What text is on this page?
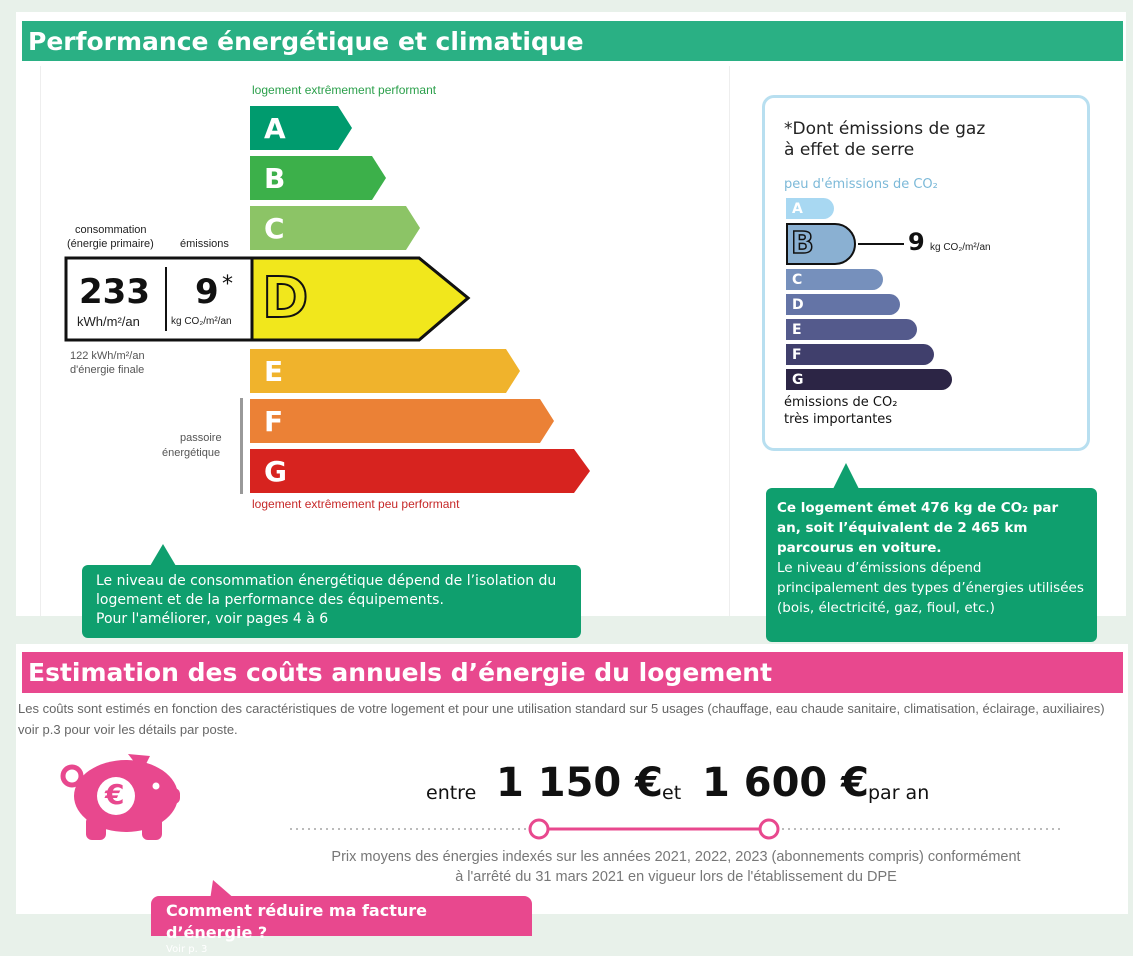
Performance énergétique et climatique
logement extrêmement performant
A
B
C
E
F
G
D
consommation
(énergie primaire) émissions
233
kWh/m²/an
9 *
kg CO₂/m²/an
122 kWh/m²/an
d'énergie finale
passoire
énergétique
logement extrêmement peu performant
Le niveau de consommation énergétique dépend de l’isolation du logement et de la performance des équipements.
Pour l'améliorer, voir pages 4 à 6
*Dont émissions de gaz
à effet de serre
peu d'émissions de CO₂
A
B	9 kg CO₂/m²/an
C
D
E
F
G
émissions de CO₂
très importantes
Ce logement émet 476 kg de CO₂ par an, soit l’équivalent de 2 465 km parcourus en voiture.
Le niveau d’émissions dépend principalement des types d’énergies utilisées (bois, électricité, gaz, fioul, etc.)
Estimation des coûts annuels d’énergie du logement
Les coûts sont estimés en fonction des caractéristiques de votre logement et pour une utilisation standard sur 5 usages (chauffage, eau chaude sanitaire, climatisation, éclairage, auxiliaires) voir p.3 pour voir les détails par poste.
€	entre 1 150 €
et 1 600 €
par an
Prix moyens des énergies indexés sur les années 2021, 2022, 2023 (abonnements compris) conformément
à l'arrêté du 31 mars 2021 en vigueur lors de l'établissement du DPE
Comment réduire ma facture d’énergie ?
Voir p. 3
